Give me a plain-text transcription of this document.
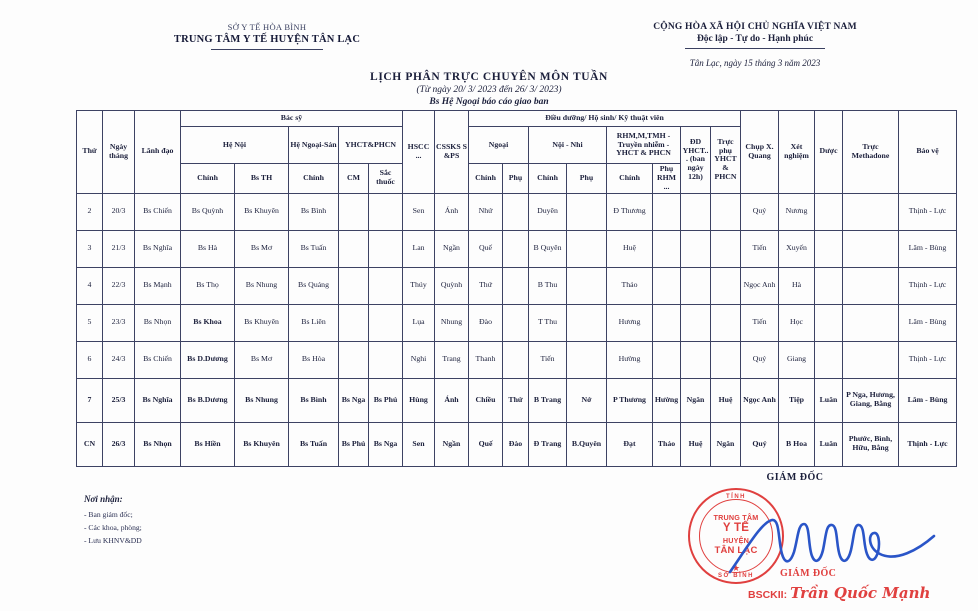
SỞ Y TẾ HÒA BÌNH
TRUNG TÂM Y TẾ HUYỆN TÂN LẠC
CỘNG HÒA XÃ HỘI CHỦ NGHĨA VIỆT NAM
Độc lập - Tự do - Hạnh phúc
Tân Lạc, ngày 15 tháng 3 năm 2023
LỊCH PHÂN TRỰC CHUYÊN MÔN TUẦN
(Từ ngày 20/ 3/ 2023 đến 26/ 3/ 2023)
Bs Hệ Ngoại báo cáo giao ban
Thứ	Ngày tháng	Lãnh đạo	Bác sỹ					HSCC ...	CSSKS S &PS	Điều dưỡng/ Hộ sinh/ Kỹ thuật viên								Chụp X. Quang	Xét nghiệm	Dược	Trực Methadone	Bảo vệ
			Hệ Nội		Hệ Ngoại-Sản	YHCT&PHCN				Ngoại		Nội - Nhi		RHM,M,TMH - Truyền nhiễm - YHCT & PHCN		ĐD YHCT.. . (ban ngày 12h)	Trực phụ YHCT & PHCN					
			Chính	Bs TH	Chính	CM	Sắc thuốc			Chính	Phụ	Chính	Phụ	Chính	Phụ RHM ...							
2	20/3	Bs Chiến	Bs Quỳnh	Bs Khuyên	Bs Bình			Sen	Ánh	Nhứ		Duyên		Đ Thương				Quý	Nương			Thịnh - Lực
3	21/3	Bs Nghĩa	Bs Hà	Bs Mơ	Bs Tuấn			Lan	Ngần	Quế		B Quyên		Huệ				Tiến	Xuyến			Lâm - Bùng
4	22/3	Bs Mạnh	Bs Thọ	Bs Nhung	Bs Quảng			Thúy	Quỳnh	Thứ		B Thu		Thảo				Ngọc Anh	Hà			Thịnh - Lực
5	23/3	Bs Nhọn	Bs Khoa	Bs Khuyên	Bs Liên			Lụa	Nhung	Đào		T Thu		Hương				Tiến	Học			Lâm - Bùng
6	24/3	Bs Chiến	Bs D.Dương	Bs Mơ	Bs Hòa			Nghi	Trang	Thanh		Tiến		Hường				Quý	Giang			Thịnh - Lực
7	25/3	Bs Nghĩa	Bs B.Dương	Bs Nhung	Bs Bình	Bs Nga	Bs Phú	Hùng	Ánh	Chiều	Thứ	B Trang	Nở	P Thương	Hường	Ngân	Huệ	Ngọc Anh	Tiệp	Luân	P Nga, Hương, Giang, Bằng	Lâm - Bùng
CN	26/3	Bs Nhọn	Bs Hiền	Bs Khuyên	Bs Tuấn	Bs Phú	Bs Nga	Sen	Ngần	Quế	Đào	Đ Trang	B.Quyên	Đạt	Thảo	Huệ	Ngân	Quý	B Hoa	Luân	Phước, Bình, Hữu, Bằng	Thịnh - Lực
Nơi nhận:
- Ban giám đốc;
- Các khoa, phòng;
- Lưu KHNV&DD
GIÁM ĐỐC
TỈNH
TRUNG TÂM
Y TẾ
HUYỆN
TÂN LẠC
SỞ BÌNH
★	GIÁM ĐỐC
BSCKII: Trần Quốc Mạnh
